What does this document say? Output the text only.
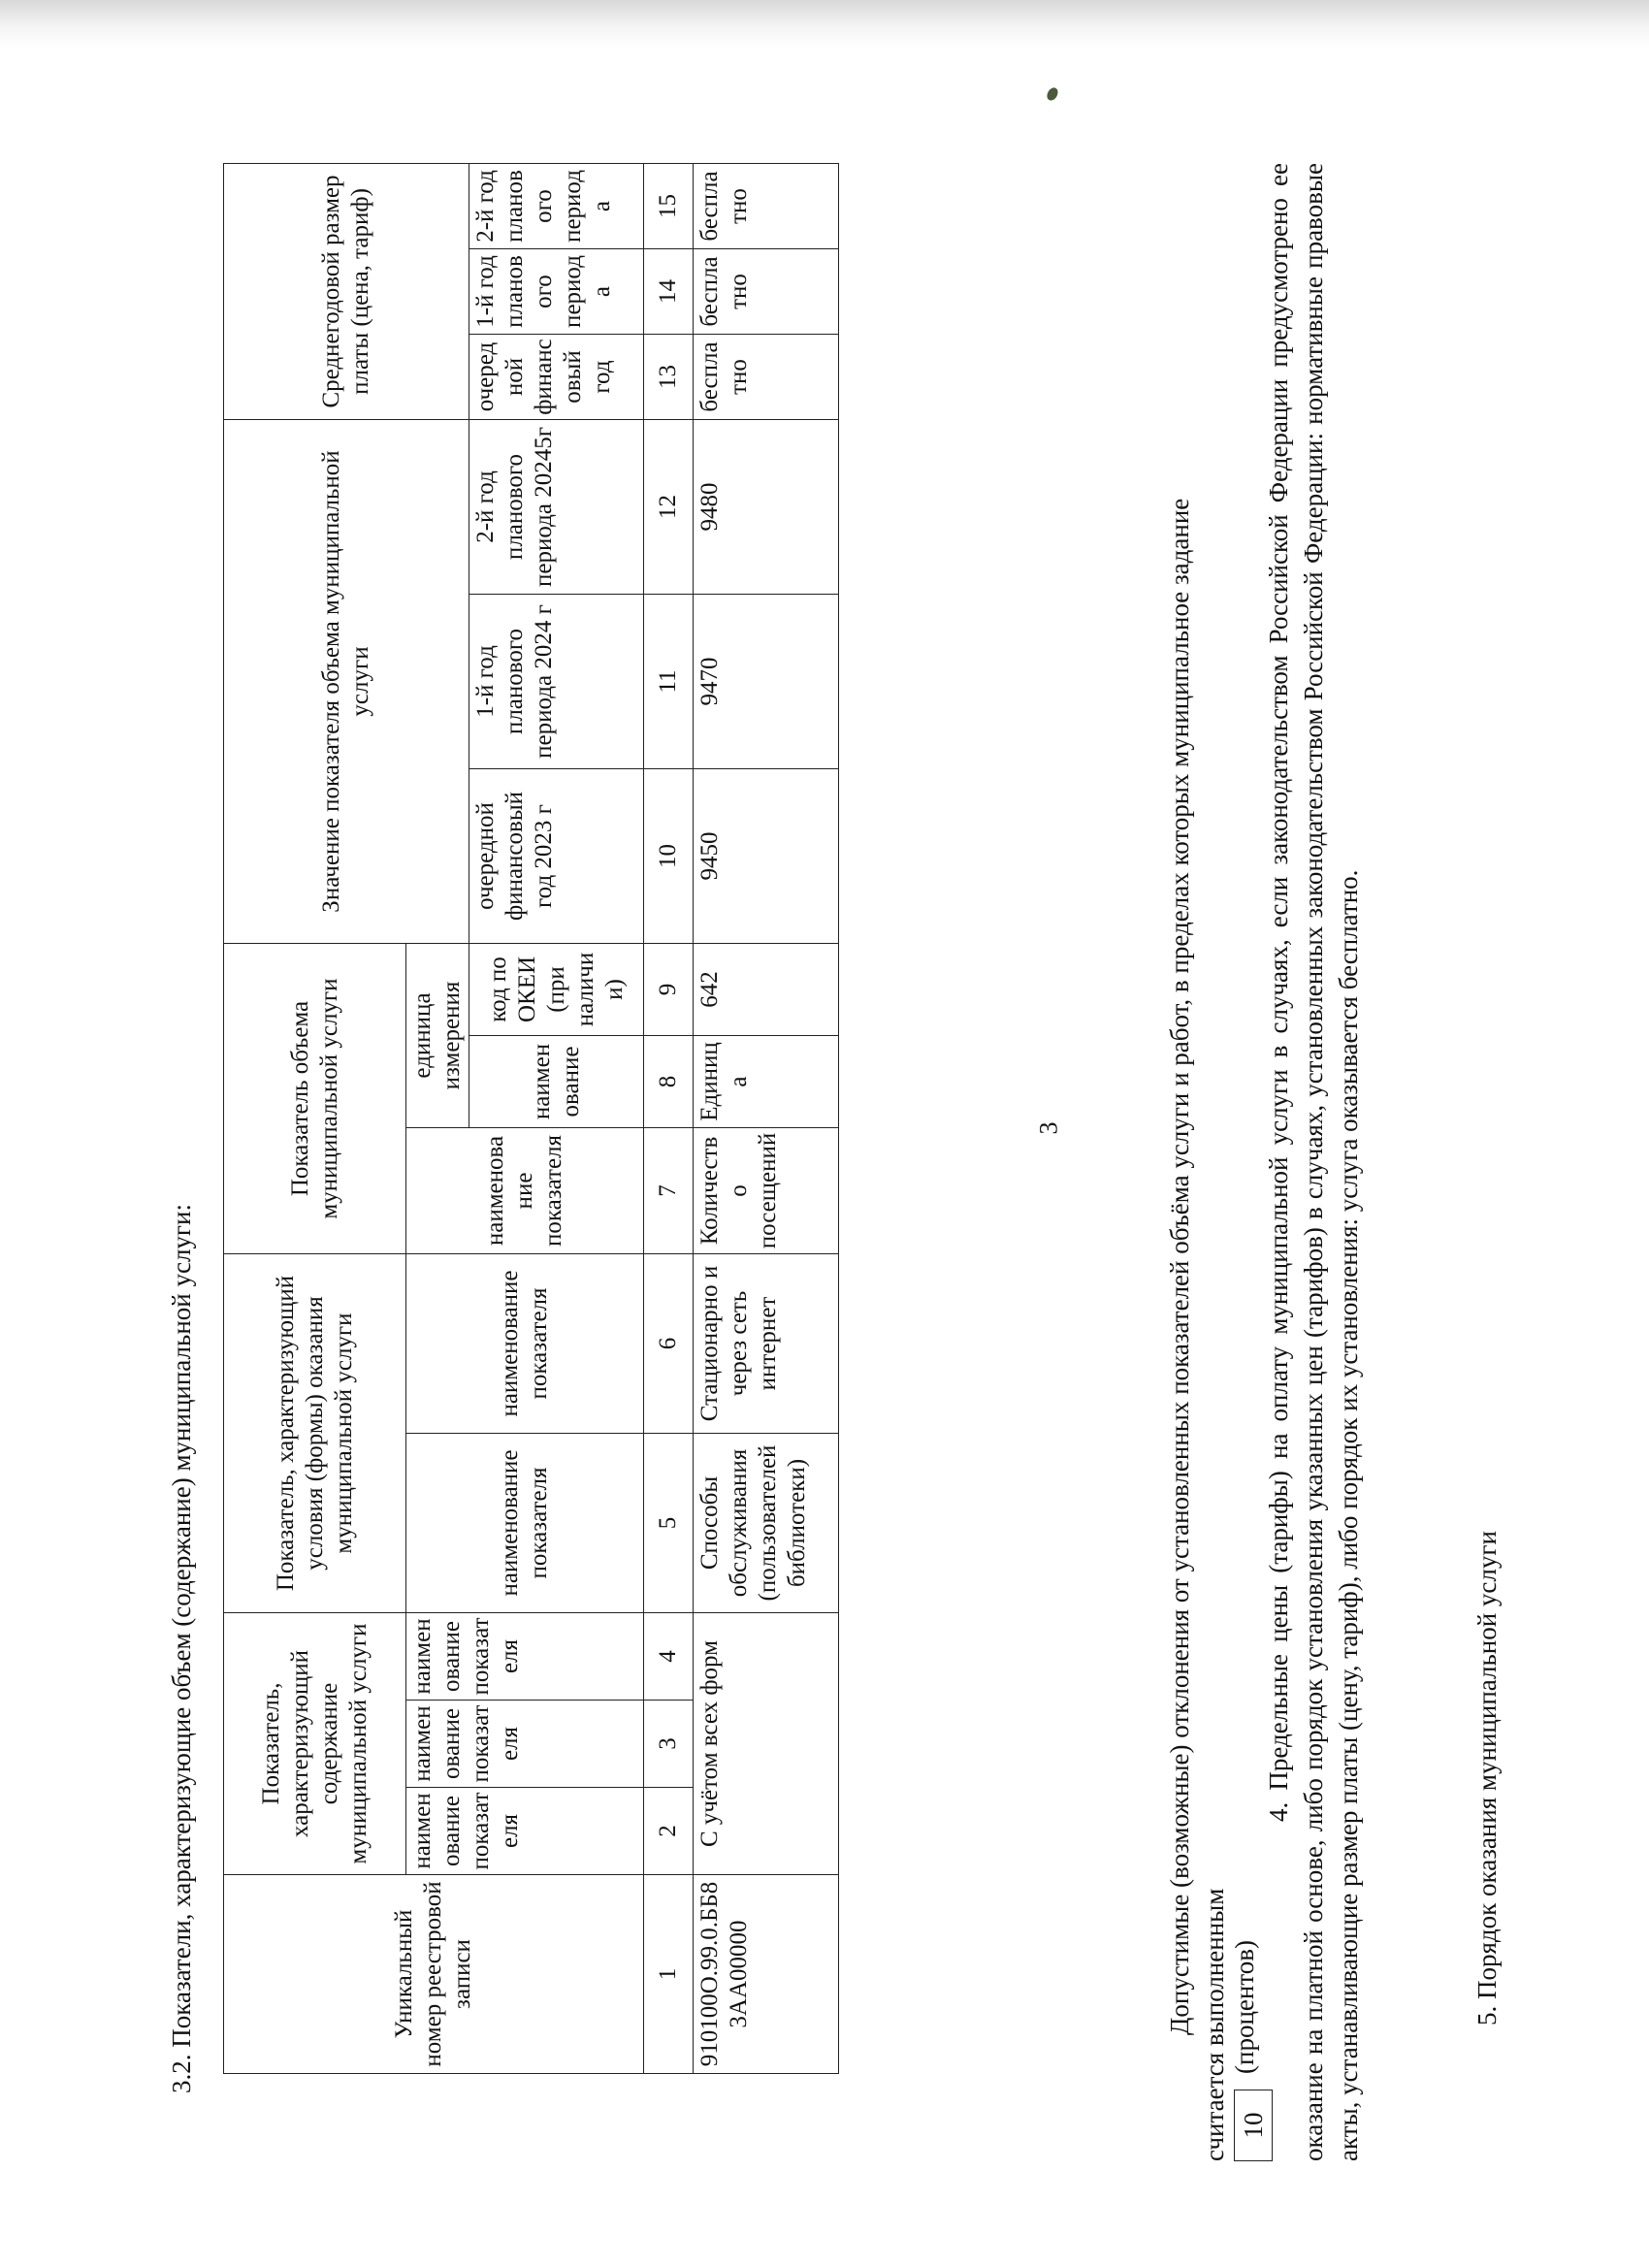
3
3.2. Показатели, характеризующие объем (содержание) муниципальной услуги:	Уникальный номер реестровой записи	Показатель, характеризующий содержание муниципальной услуги			Показатель, характеризующий условия (формы) оказания муниципальной услуги		Показатель объема муниципальной услуги			Значение показателя объема муниципальной услуги			Среднегодовой размер платы (цена, тариф)		
	наименование показателя	наименование показателя	наименование показателя	наименование показателя	наименование показателя	наименование показателя	единица измерения							
							наименование	код по ОКЕИ (при наличии)	очередной финансовый год 2023 г	1-й год планового периода 2024 г	2-й год планового периода 20245г	очередной финансовый год	1-й год планового периода	2-й год планового периода
1	2	3	4	5	6	7	8	9	10	11	12	13	14	15
910100О.99.0.ББ83АА00000	С учётом всех форм			Способы обслуживания (пользователей библиотеки)	Стационарно и через сеть интернет	Количество посещений	Единица	642	9450	9470	9480	бесплатно	бесплатно	бесплатно
Допустимые (возможные) отклонения от установленных показателей объёма услуги и работ, в пределах которых муниципальное задание считается выполненным 10
(процентов)
4. Предельные цены (тарифы) на оплату муниципальной услуги в случаях, если законодательством Российской Федерации предусмотрено ее оказание на платной основе, либо порядок установления указанных цен (тарифов) в случаях, установленных законодательством Российской Федерации: нормативные правовые акты, устанавливающие размер платы (цену, тариф), либо порядок их установления: услуга оказывается бесплатно.	5. Порядок оказания муниципальной услуги
